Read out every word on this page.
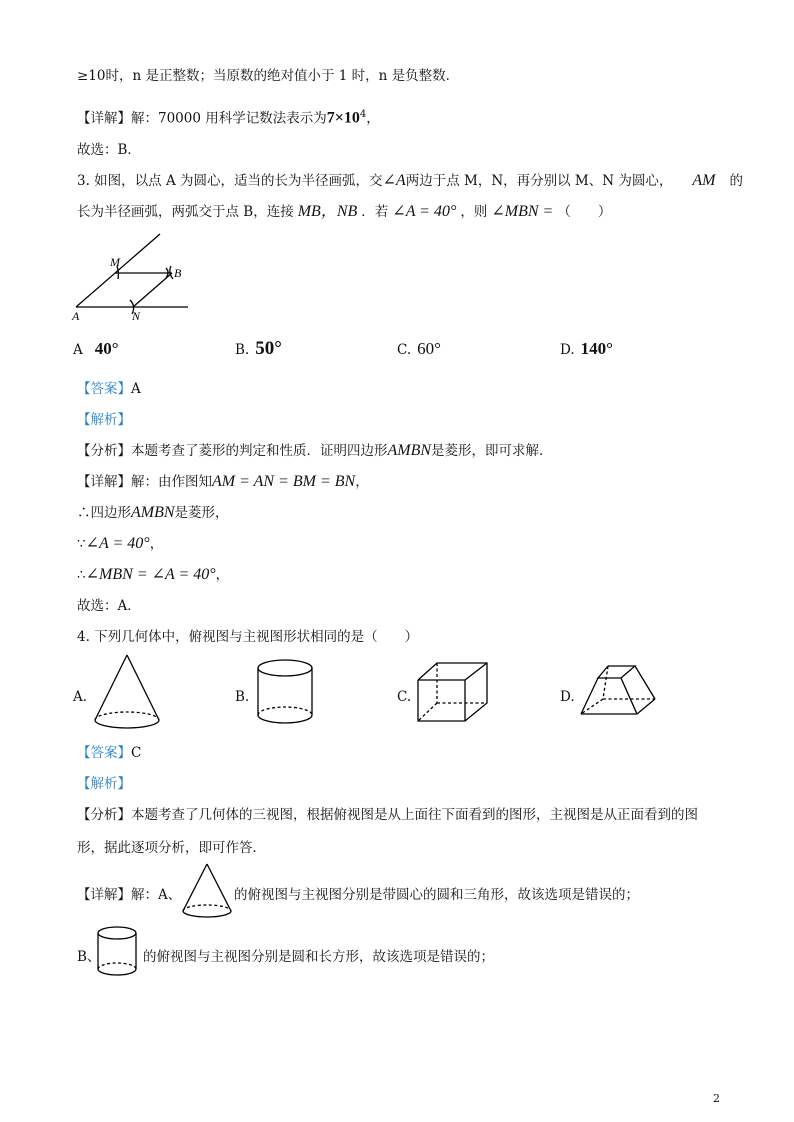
≥10时，n 是正整数；当原数的绝对值小于 1 时，n 是负整数．
【详解】解：70000 用科学记数法表示为$7\times 10^4$，
故选：B．
3. 如图，以点 A 为圆心，适当的长为半径画弧，交∠A两边于点 M，N，再分别以 M、N 为圆心， AM 的
长为半径画弧，两弧交于点 B，连接 MB，NB ．若 ∠A = 40° ，则 ∠MBN = （　　）
M
B
A	N
A 40°	B. 50°	C. 60°	D. 140°
【答案】A
【解析】
【分析】本题考查了菱形的判定和性质．证明四边形AMBN是菱形，即可求解．
【详解】解：由作图知AM = AN = BM = BN，
∴四边形AMBN是菱形，
∵∠A = 40°，
∴∠MBN = ∠A = 40°，
故选：A．
4. 下列几何体中，俯视图与主视图形状相同的是（　　）
A.	B.	C.	D.
【答案】C
【解析】
【分析】本题考查了几何体的三视图，根据俯视图是从上面往下面看到的图形，主视图是从正面看到的图
形，据此逐项分析，即可作答．
【详解】解：A、	的俯视图与主视图分别是带圆心的圆和三角形，故该选项是错误的；
B、	的俯视图与主视图分别是圆和长方形，故该选项是错误的；
2
